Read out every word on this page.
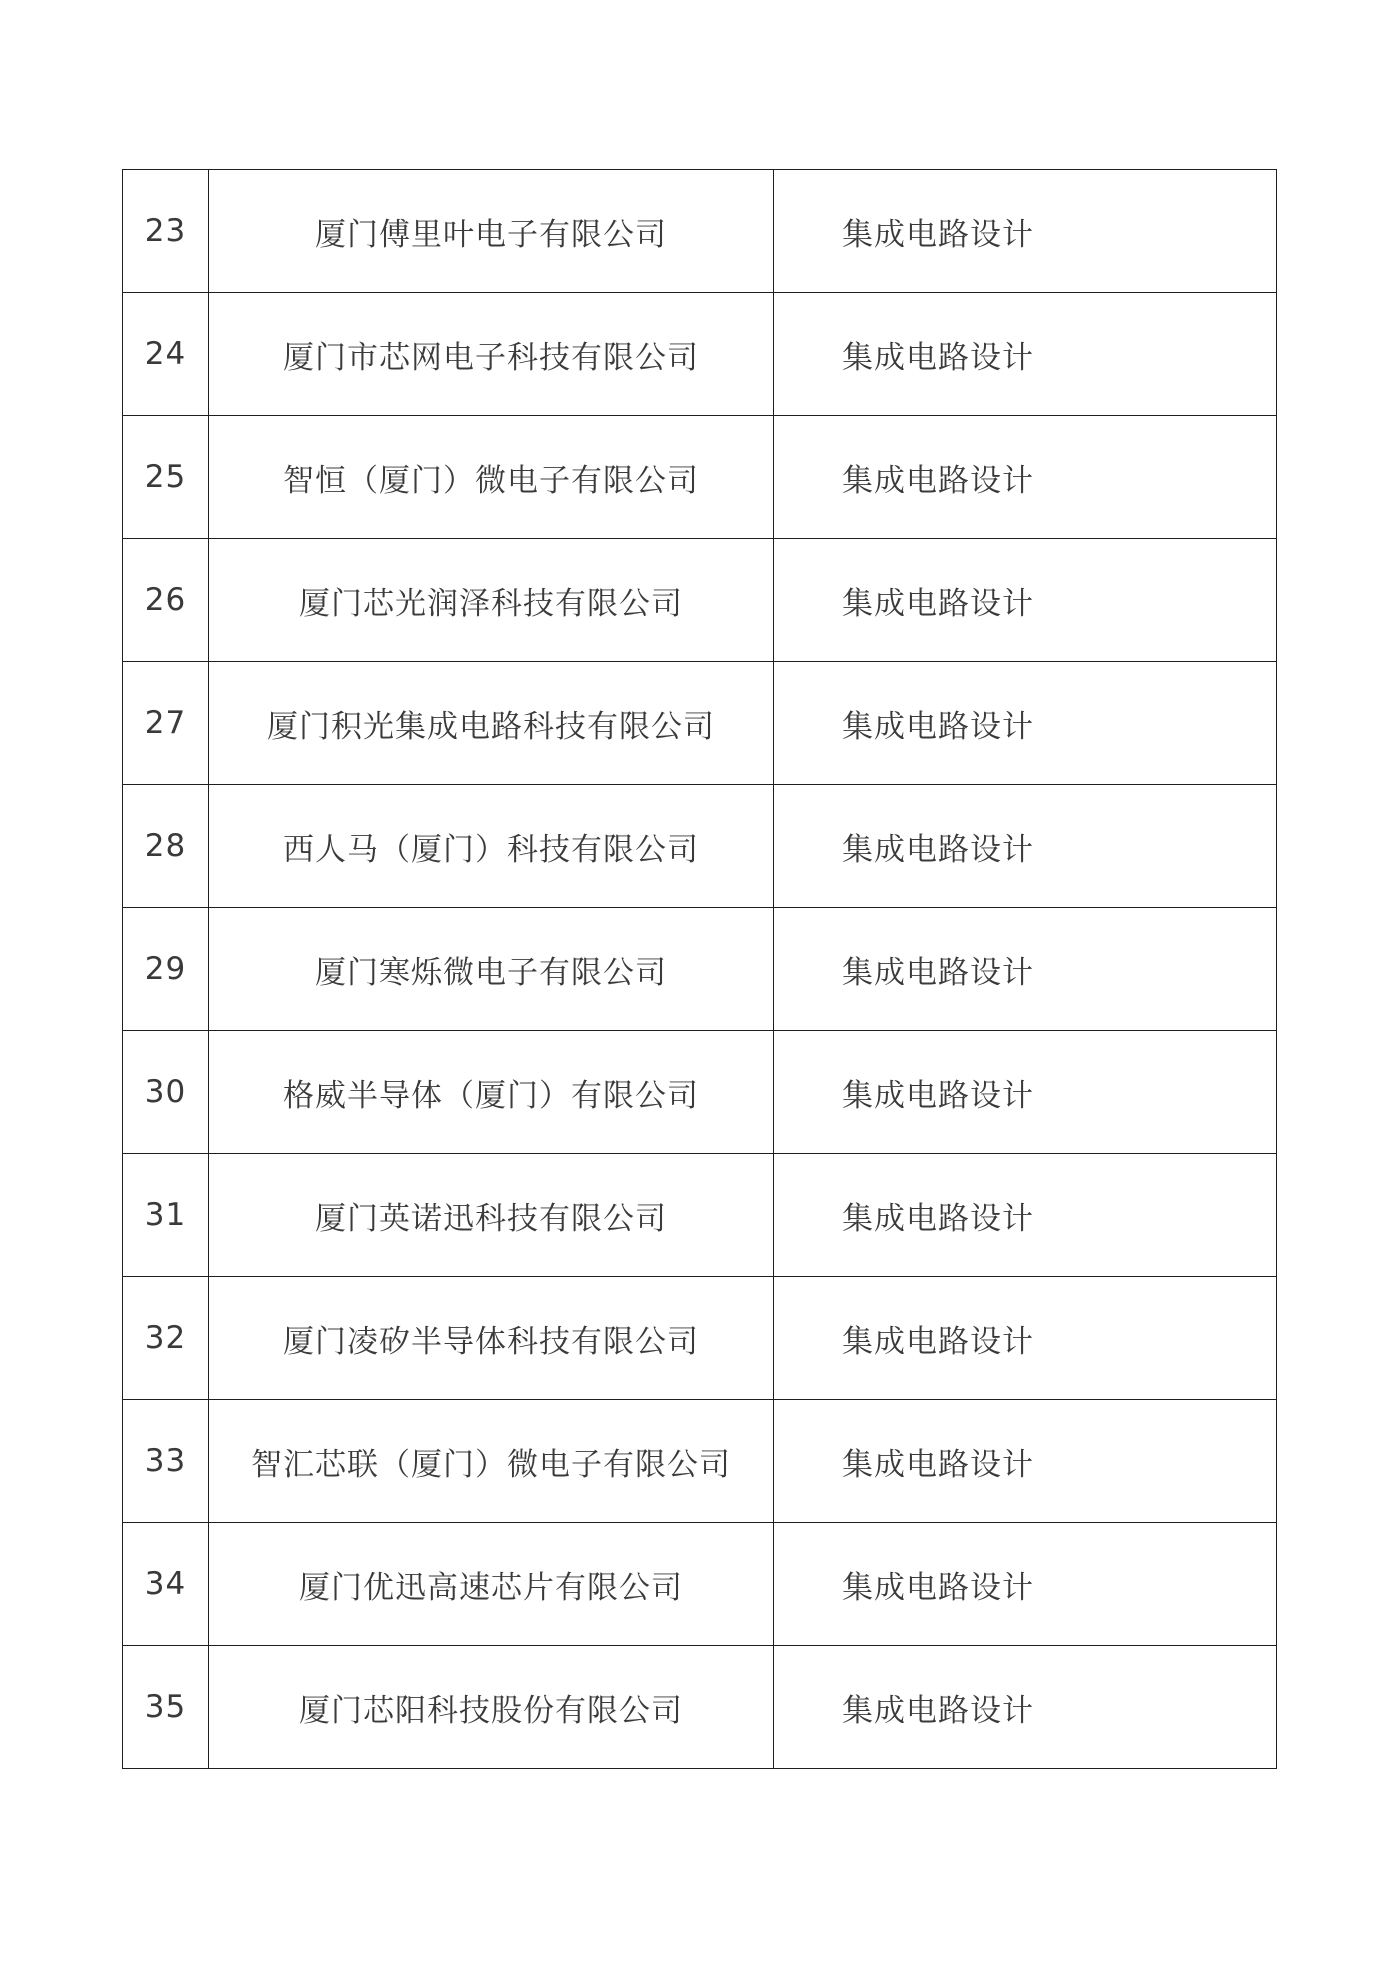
23	厦门傅里叶电子有限公司	集成电路设计
24	厦门市芯网电子科技有限公司	集成电路设计
25	智恒（厦门）微电子有限公司	集成电路设计
26	厦门芯光润泽科技有限公司	集成电路设计
27	厦门积光集成电路科技有限公司	集成电路设计
28	西人马（厦门）科技有限公司	集成电路设计
29	厦门寒烁微电子有限公司	集成电路设计
30	格威半导体（厦门）有限公司	集成电路设计
31	厦门英诺迅科技有限公司	集成电路设计
32	厦门凌矽半导体科技有限公司	集成电路设计
33	智汇芯联（厦门）微电子有限公司	集成电路设计
34	厦门优迅高速芯片有限公司	集成电路设计
35	厦门芯阳科技股份有限公司	集成电路设计
